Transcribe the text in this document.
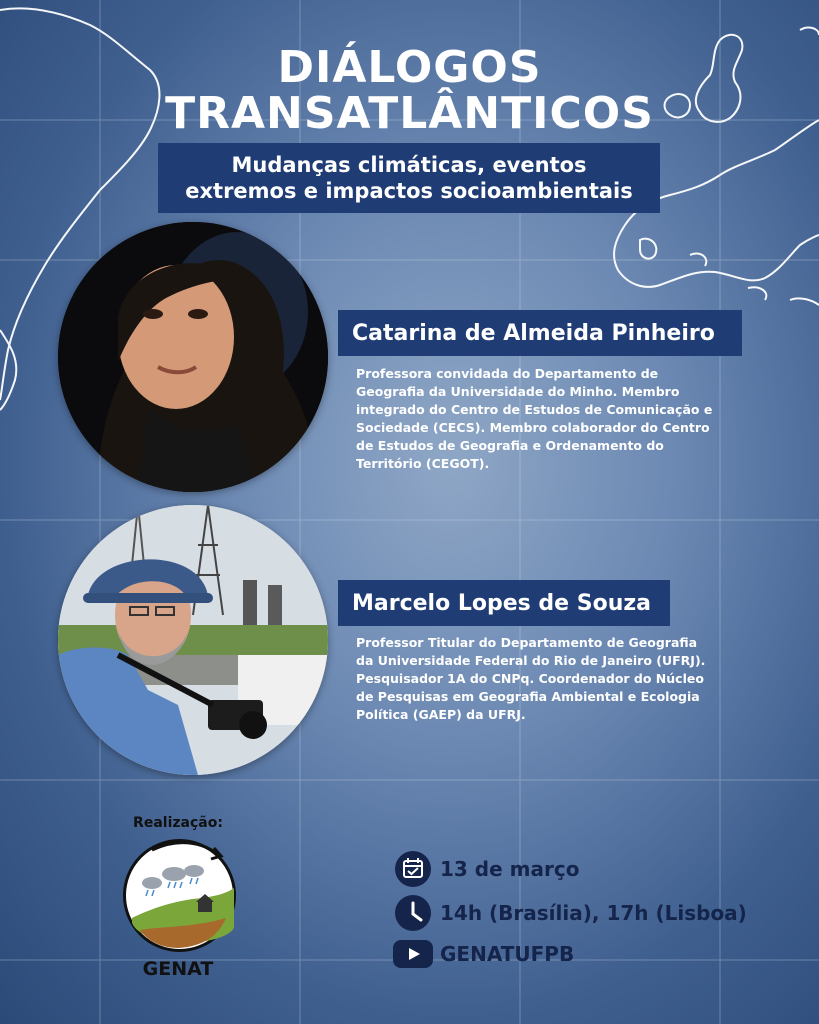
DIÁLOGOS
TRANSATLÂNTICOS
Mudanças climáticas, eventos
extremos e impactos socioambientais
Catarina de Almeida Pinheiro
Professora convidada do Departamento de
Geografia da Universidade do Minho. Membro
integrado do Centro de Estudos de Comunicação e
Sociedade (CECS). Membro colaborador do Centro
de Estudos de Geografia e Ordenamento do
Território (CEGOT).
Marcelo Lopes de Souza
Professor Titular do Departamento de Geografia
da Universidade Federal do Rio de Janeiro (UFRJ).
Pesquisador 1A do CNPq. Coordenador do Núcleo
de Pesquisas em Geografia Ambiental e Ecologia
Política (GAEP) da UFRJ.
Realização:
GENAT
13 de março
14h (Brasília), 17h (Lisboa)
GENATUFPB
